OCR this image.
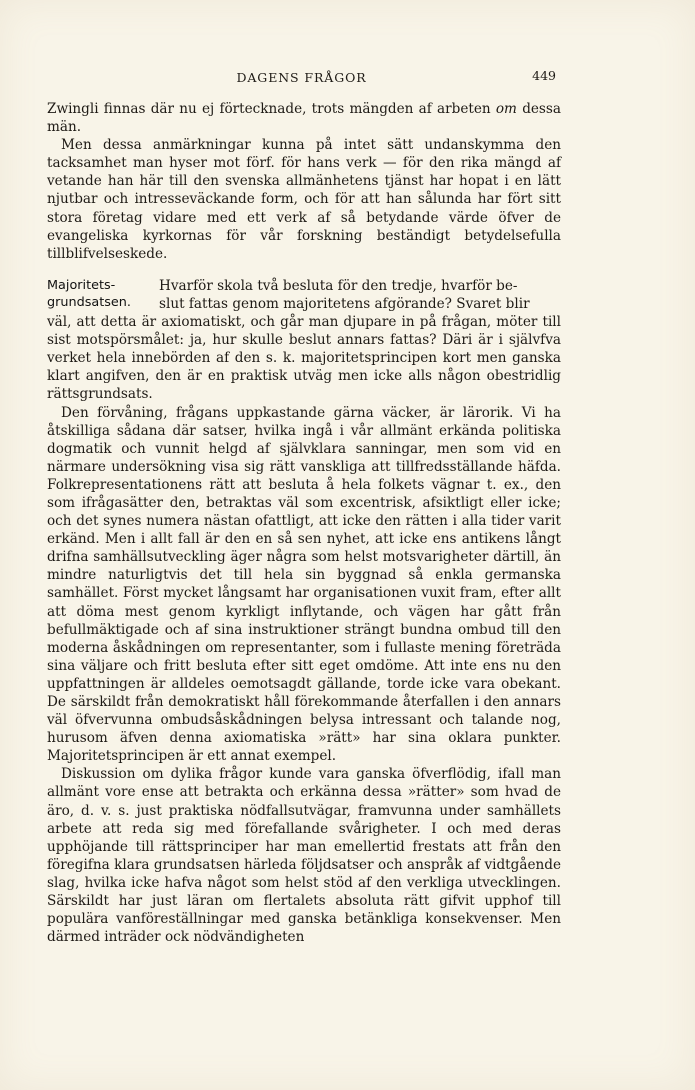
DAGENS FRÅGOR	449

Zwingli finnas där nu ej förtecknade, trots mängden af arbeten om dessa män.

Men dessa anmärkningar kunna på intet sätt undanskymma den tacksamhet man hyser mot förf. för hans verk — för den rika mängd af vetande han här till den svenska allmänhetens tjänst har hopat i en lätt njutbar och intresseväckande form, och för att han sålunda har fört sitt stora företag vidare med ett verk af så betydande värde öfver de evangeliska kyrkornas för vår forskning beständigt betydelsefulla tillblifvelseskede.

Majoritets-
grundsatsen.

Hvarför skola två besluta för den tredje, hvarför be-

slut fattas genom majoritetens afgörande? Svaret blir

väl, att detta är axiomatiskt, och går man djupare in på frågan, möter till sist motspörsmålet: ja, hur skulle beslut annars fattas? Däri är i självfva verket hela innebörden af den s. k. majoritetsprincipen kort men ganska klart angifven, den är en praktisk utväg men icke alls någon obestridlig rättsgrundsats.

Den förvåning, frågans uppkastande gärna väcker, är lärorik. Vi ha åtskilliga sådana där satser, hvilka ingå i vår allmänt erkända politiska dogmatik och vunnit helgd af självklara sanningar, men som vid en närmare undersökning visa sig rätt vanskliga att tillfredsställande häfda. Folkrepresentationens rätt att besluta å hela folkets vägnar t. ex., den som ifrågasätter den, betraktas väl som excentrisk, afsiktligt eller icke; och det synes numera nästan ofattligt, att icke den rätten i alla tider varit erkänd. Men i allt fall är den en så sen nyhet, att icke ens antikens långt drifna samhällsutveckling äger några som helst motsvarigheter därtill, än mindre naturligtvis det till hela sin byggnad så enkla germanska samhället. Först mycket långsamt har organisationen vuxit fram, efter allt att döma mest genom kyrkligt inflytande, och vägen har gått från befullmäktigade och af sina instruktioner strängt bundna ombud till den moderna åskådningen om representanter, som i fullaste mening företräda sina väljare och fritt besluta efter sitt eget omdöme. Att inte ens nu den uppfattningen är alldeles oemotsagdt gällande, torde icke vara obekant. De särskildt från demokratiskt håll förekommande återfallen i den annars väl öfvervunna ombudsåskådningen belysa intressant och talande nog, hurusom äfven denna axiomatiska »rätt» har sina oklara punkter. Majoritetsprincipen är ett annat exempel.

Diskussion om dylika frågor kunde vara ganska öfverflödig, ifall man allmänt vore ense att betrakta och erkänna dessa »rätter» som hvad de äro, d. v. s. just praktiska nödfallsutvägar, framvunna under samhällets arbete att reda sig med förefallande svårigheter. I och med deras upphöjande till rättsprinciper har man emellertid frestats att från den föregifna klara grundsatsen härleda följdsatser och anspråk af vidtgående slag, hvilka icke hafva något som helst stöd af den verkliga utvecklingen. Särskildt har just läran om flertalets absoluta rätt gifvit upphof till populära vanföreställningar med ganska betänkliga konsekvenser. Men därmed inträder ock nödvändigheten
